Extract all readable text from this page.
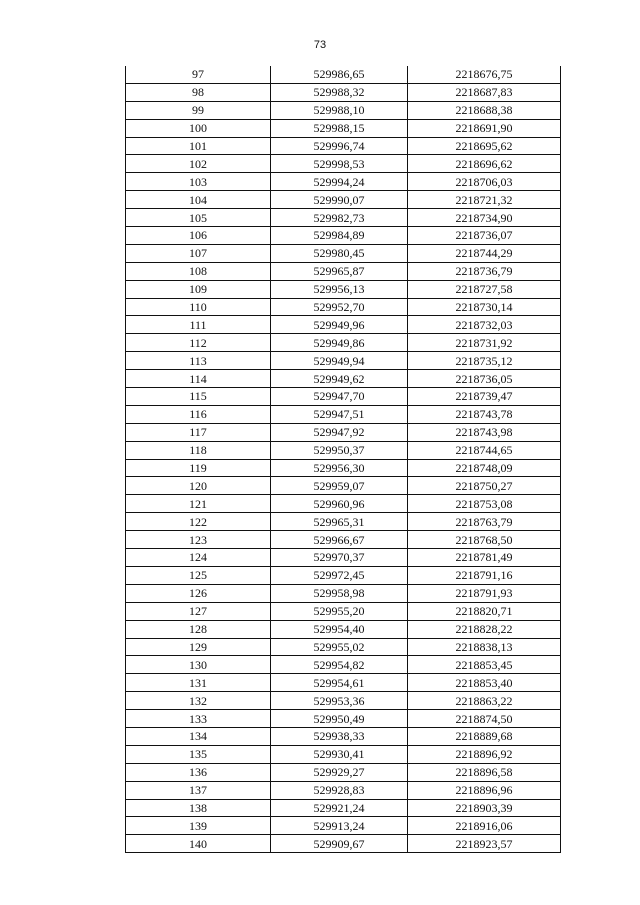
73
97	529986,65	2218676,75
98	529988,32	2218687,83
99	529988,10	2218688,38
100	529988,15	2218691,90
101	529996,74	2218695,62
102	529998,53	2218696,62
103	529994,24	2218706,03
104	529990,07	2218721,32
105	529982,73	2218734,90
106	529984,89	2218736,07
107	529980,45	2218744,29
108	529965,87	2218736,79
109	529956,13	2218727,58
110	529952,70	2218730,14
111	529949,96	2218732,03
112	529949,86	2218731,92
113	529949,94	2218735,12
114	529949,62	2218736,05
115	529947,70	2218739,47
116	529947,51	2218743,78
117	529947,92	2218743,98
118	529950,37	2218744,65
119	529956,30	2218748,09
120	529959,07	2218750,27
121	529960,96	2218753,08
122	529965,31	2218763,79
123	529966,67	2218768,50
124	529970,37	2218781,49
125	529972,45	2218791,16
126	529958,98	2218791,93
127	529955,20	2218820,71
128	529954,40	2218828,22
129	529955,02	2218838,13
130	529954,82	2218853,45
131	529954,61	2218853,40
132	529953,36	2218863,22
133	529950,49	2218874,50
134	529938,33	2218889,68
135	529930,41	2218896,92
136	529929,27	2218896,58
137	529928,83	2218896,96
138	529921,24	2218903,39
139	529913,24	2218916,06
140	529909,67	2218923,57
